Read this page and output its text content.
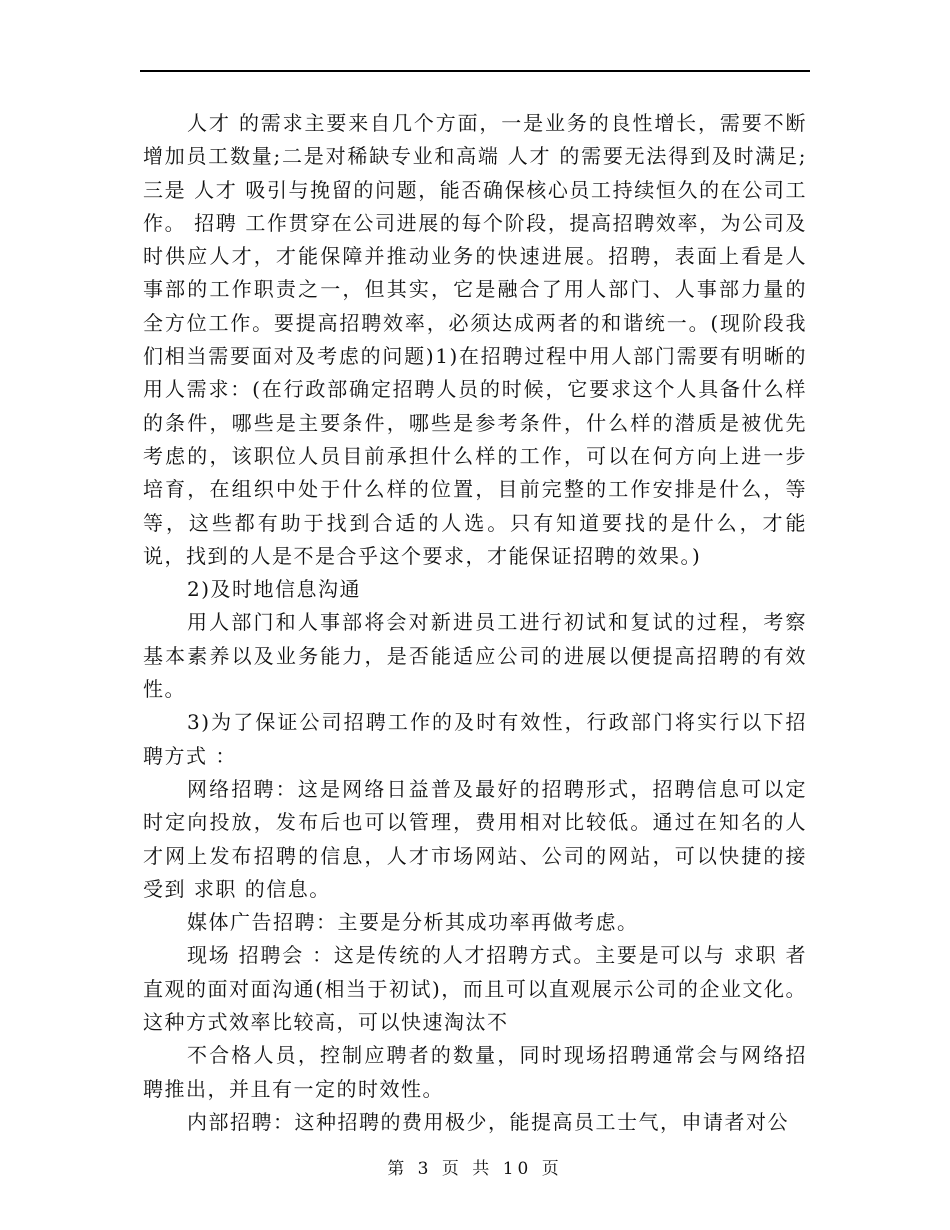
人才 的需求主要来自几个方面，一是业务的良性增长，需要不断增加员工数量;二是对稀缺专业和高端 人才 的需要无法得到及时满足;三是 人才 吸引与挽留的问题，能否确保核心员工持续恒久的在公司工作。 招聘 工作贯穿在公司进展的每个阶段，提高招聘效率，为公司及时供应人才，才能保障并推动业务的快速进展。招聘，表面上看是人事部的工作职责之一，但其实，它是融合了用人部门、人事部力量的全方位工作。要提高招聘效率，必须达成两者的和谐统一。(现阶段我们相当需要面对及考虑的问题)1)在招聘过程中用人部门需要有明晰的用人需求：(在行政部确定招聘人员的时候，它要求这个人具备什么样的条件，哪些是主要条件，哪些是参考条件，什么样的潜质是被优先考虑的，该职位人员目前承担什么样的工作，可以在何方向上进一步培育，在组织中处于什么样的位置，目前完整的工作安排是什么，等等，这些都有助于找到合适的人选。只有知道要找的是什么，才能说，找到的人是不是合乎这个要求，才能保证招聘的效果。)

2)及时地信息沟通

用人部门和人事部将会对新进员工进行初试和复试的过程，考察基本素养以及业务能力，是否能适应公司的进展以便提高招聘的有效性。

3)为了保证公司招聘工作的及时有效性，行政部门将实行以下招聘方式 ：

网络招聘：这是网络日益普及最好的招聘形式，招聘信息可以定时定向投放，发布后也可以管理，费用相对比较低。通过在知名的人才网上发布招聘的信息，人才市场网站、公司的网站，可以快捷的接受到 求职 的信息。

媒体广告招聘：主要是分析其成功率再做考虑。

现场 招聘会 ：这是传统的人才招聘方式。主要是可以与 求职 者直观的面对面沟通(相当于初试)，而且可以直观展示公司的企业文化。这种方式效率比较高，可以快速淘汰不

不合格人员，控制应聘者的数量，同时现场招聘通常会与网络招聘推出，并且有一定的时效性。

内部招聘：这种招聘的费用极少，能提高员工士气，申请者对公

第 3 页 共 10 页
